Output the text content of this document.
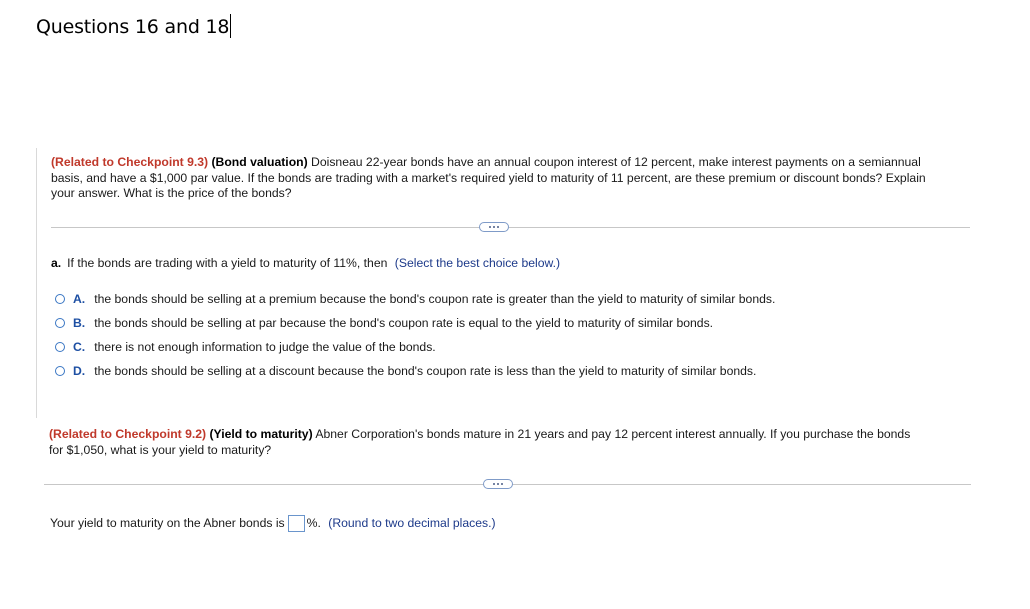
Questions 16 and 18
(Related to Checkpoint 9.3) (Bond valuation) Doisneau 22-year bonds have an annual coupon interest of 12 percent, make interest payments on a semiannual
basis, and have a $1,000 par value. If the bonds are trading with a market's required yield to maturity of 11 percent, are these premium or discount bonds? Explain
your answer. What is the price of the bonds?
a. If the bonds are trading with a yield to maturity of 11%, then (Select the best choice below.)
A. the bonds should be selling at a premium because the bond's coupon rate is greater than the yield to maturity of similar bonds.
B. the bonds should be selling at par because the bond's coupon rate is equal to the yield to maturity of similar bonds.
C. there is not enough information to judge the value of the bonds.
D. the bonds should be selling at a discount because the bond's coupon rate is less than the yield to maturity of similar bonds.
(Related to Checkpoint 9.2) (Yield to maturity) Abner Corporation's bonds mature in 21 years and pay 12 percent interest annually. If you purchase the bonds
for $1,050, what is your yield to maturity?
Your yield to maturity on the Abner bonds is %. (Round to two decimal places.)
